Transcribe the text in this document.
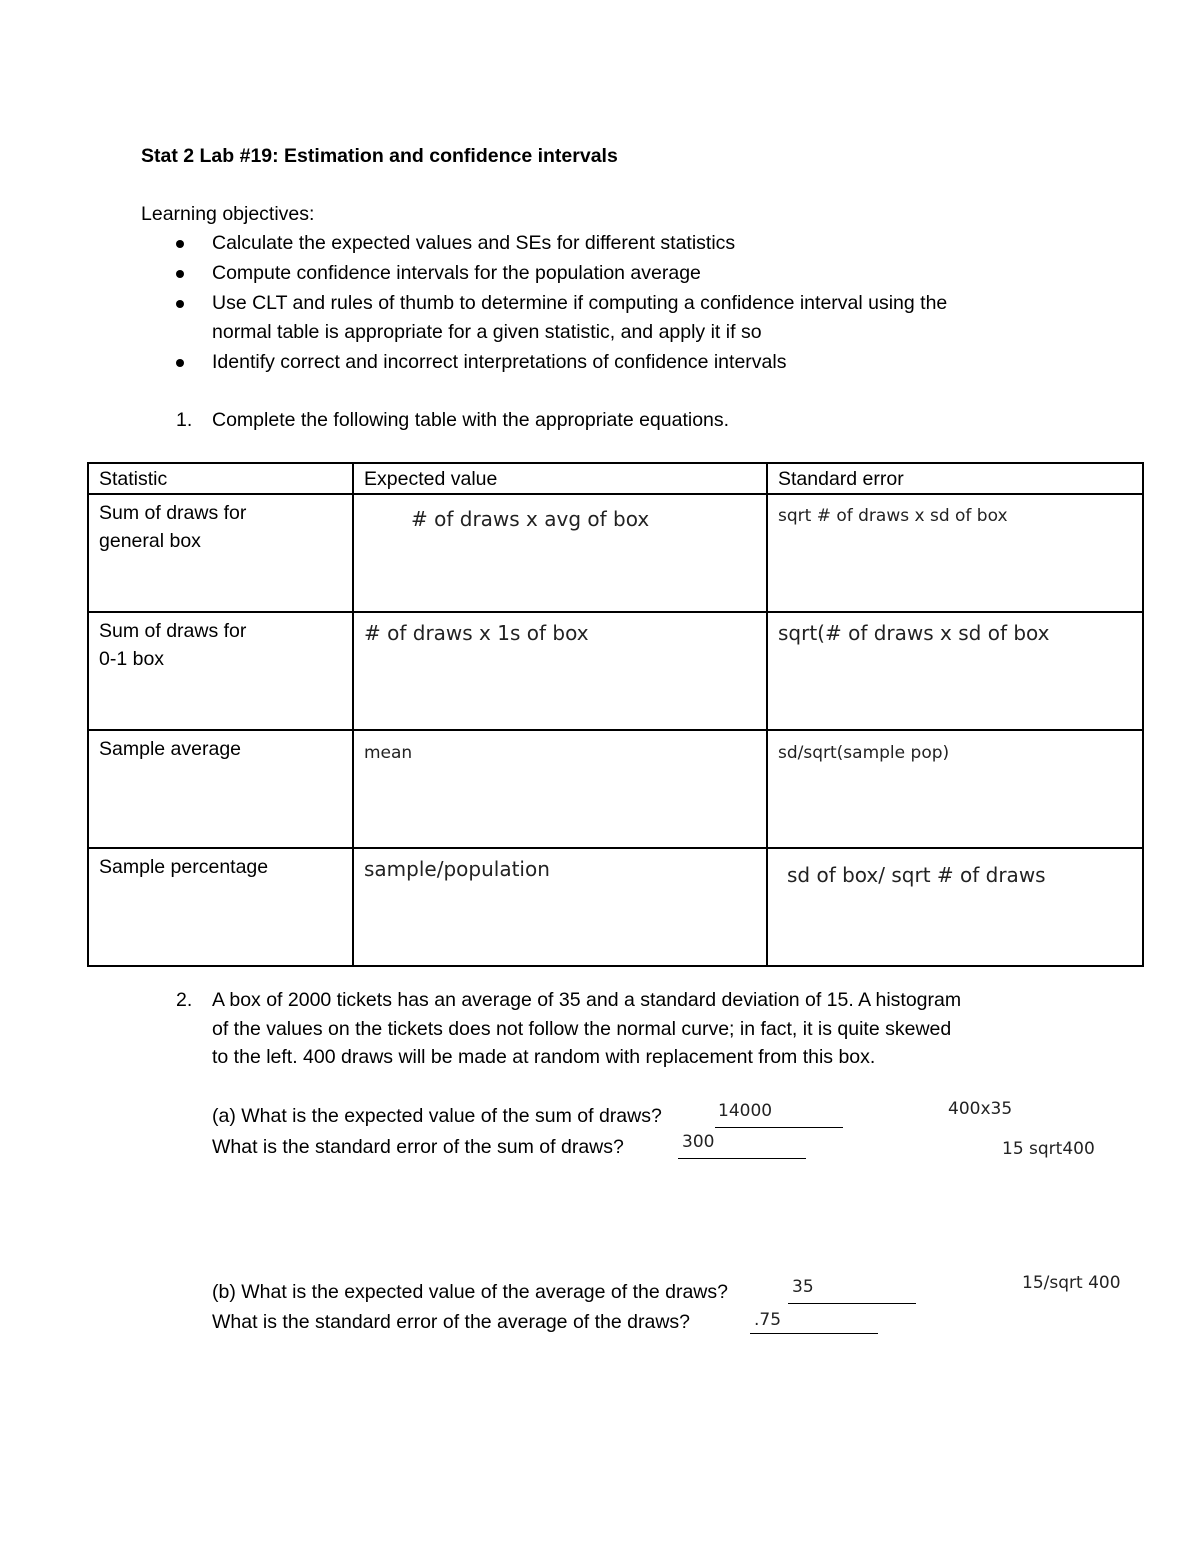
Stat 2 Lab #19: Estimation and confidence intervals
Learning objectives:
Calculate the expected values and SEs for different statistics
Compute confidence intervals for the population average
Use CLT and rules of thumb to determine if computing a confidence interval using the
normal table is appropriate for a given statistic, and apply it if so
Identify correct and incorrect interpretations of confidence intervals
1. Complete the following table with the appropriate equations.
Statistic	Expected value	Standard error

Sum of draws for
general box	# of draws x avg of box	sqrt # of draws x sd of box

Sum of draws for
0-1 box	# of draws x 1s of box	sqrt(# of draws x sd of box

Sample average	mean	sd/sqrt(sample pop)

Sample percentage	sample/population	sd of box/ sqrt # of draws
2. A box of 2000 tickets has an average of 35 and a standard deviation of 15. A histogram
of the values on the tickets does not follow the normal curve; in fact, it is quite skewed
to the left. 400 draws will be made at random with replacement from this box.
(a) What is the expected value of the sum of draws?	14000	400x35
What is the standard error of the sum of draws?	300	15 sqrt400
(b) What is the expected value of the average of the draws?	35	15/sqrt 400
What is the standard error of the average of the draws?	.75
